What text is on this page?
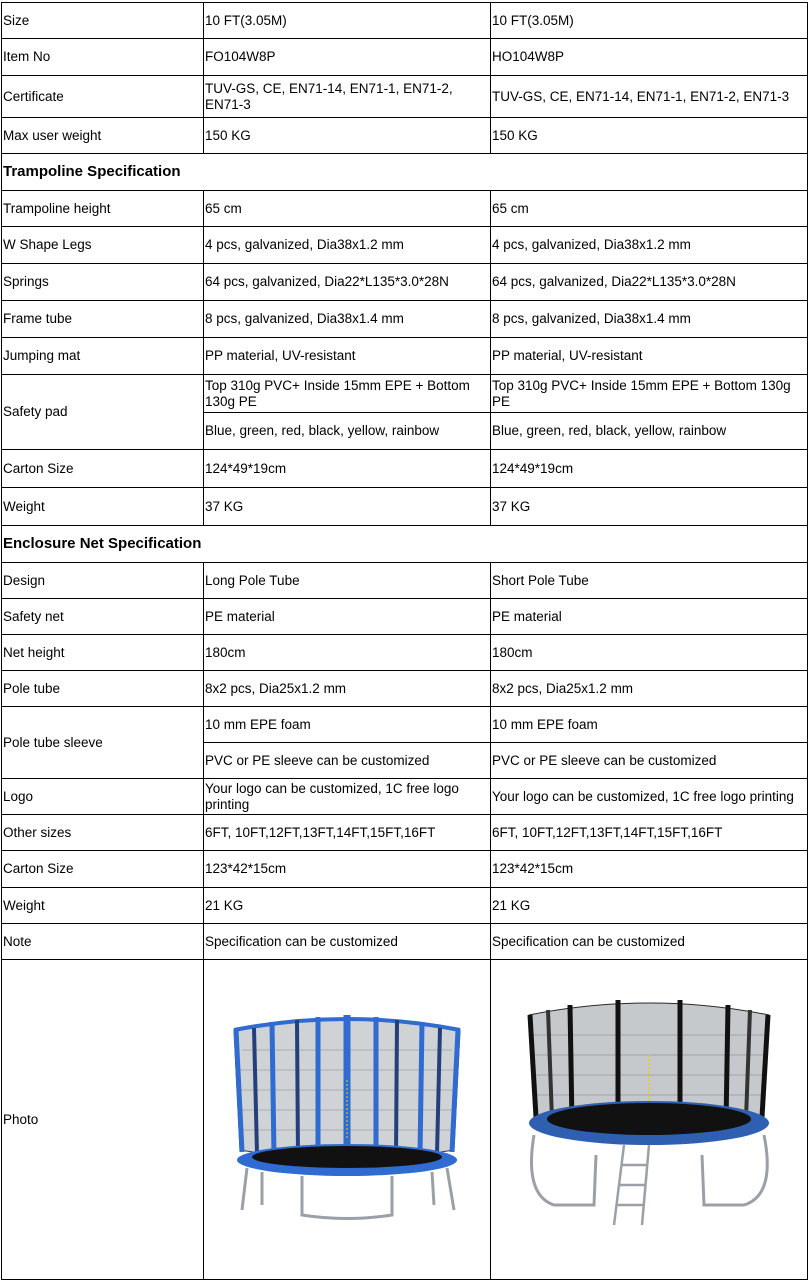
Size	10 FT(3.05M)	10 FT(3.05M)
Item No	FO104W8P	HO104W8P
Certificate	TUV-GS, CE, EN71-14, EN71-1, EN71-2, EN71-3	TUV-GS, CE, EN71-14, EN71-1, EN71-2, EN71-3
Max user weight	150 KG	150 KG
Trampoline Specification		
Trampoline height	65 cm	65 cm
W Shape Legs	4 pcs, galvanized, Dia38x1.2 mm	4 pcs, galvanized, Dia38x1.2 mm
Springs	64 pcs, galvanized, Dia22*L135*3.0*28N	64 pcs, galvanized, Dia22*L135*3.0*28N
Frame tube	8 pcs, galvanized, Dia38x1.4 mm	8 pcs, galvanized, Dia38x1.4 mm
Jumping mat	PP material, UV-resistant	PP material, UV-resistant
Safety pad	Top 310g PVC+ Inside 15mm EPE + Bottom 130g PE	Top 310g PVC+ Inside 15mm EPE + Bottom 130g PE
	Blue, green, red, black, yellow, rainbow	Blue, green, red, black, yellow, rainbow
Carton Size	124*49*19cm	124*49*19cm
Weight	37 KG	37 KG
Enclosure Net Specification		
Design	Long Pole Tube	Short Pole Tube
Safety net	PE material	PE material
Net height	180cm	180cm
Pole tube	8x2 pcs, Dia25x1.2 mm	8x2 pcs, Dia25x1.2 mm
Pole tube sleeve	10 mm EPE foam	10 mm EPE foam
	PVC or PE sleeve can be customized	PVC or PE sleeve can be customized
Logo	Your logo can be customized, 1C free logo printing	Your logo can be customized, 1C free logo printing
Other sizes	6FT, 10FT,12FT,13FT,14FT,15FT,16FT	6FT, 10FT,12FT,13FT,14FT,15FT,16FT
Carton Size	123*42*15cm	123*42*15cm
Weight	21 KG	21 KG
Note	Specification can be customized	Specification can be customized
Photo	
